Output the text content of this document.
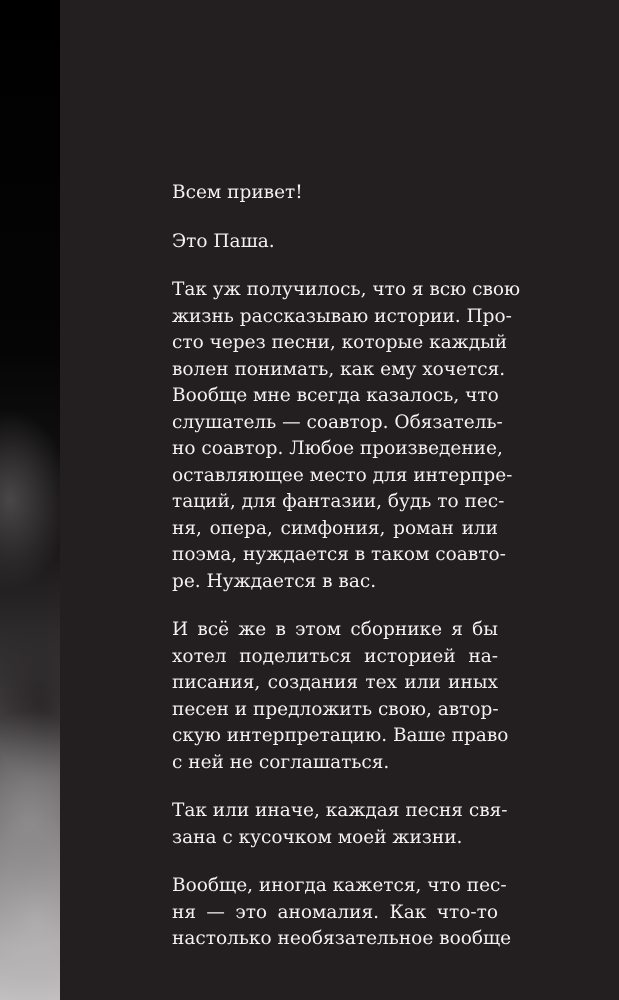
Всем привет!

Это Паша.

Так уж получилось, что я всю свою
жизнь рассказываю истории. Про-
сто через песни, которые каждый
волен понимать, как ему хочется.
Вообще мне всегда казалось, что
слушатель — соавтор. Обязатель-
но соавтор. Любое произведение,
оставляющее место для интерпре-
таций, для фантазии, будь то пес-
ня, опера, симфония, роман или
поэма, нуждается в таком соавто-
ре. Нуждается в вас.

И всё же в этом сборнике я бы
хотел поделиться историей на-
писания, создания тех или иных
песен и предложить свою, автор-
скую интерпретацию. Ваше право
с ней не соглашаться.

Так или иначе, каждая песня свя-
зана с кусочком моей жизни.

Вообще, иногда кажется, что пес-
ня — это аномалия. Как что-то
настолько необязательное вообще
